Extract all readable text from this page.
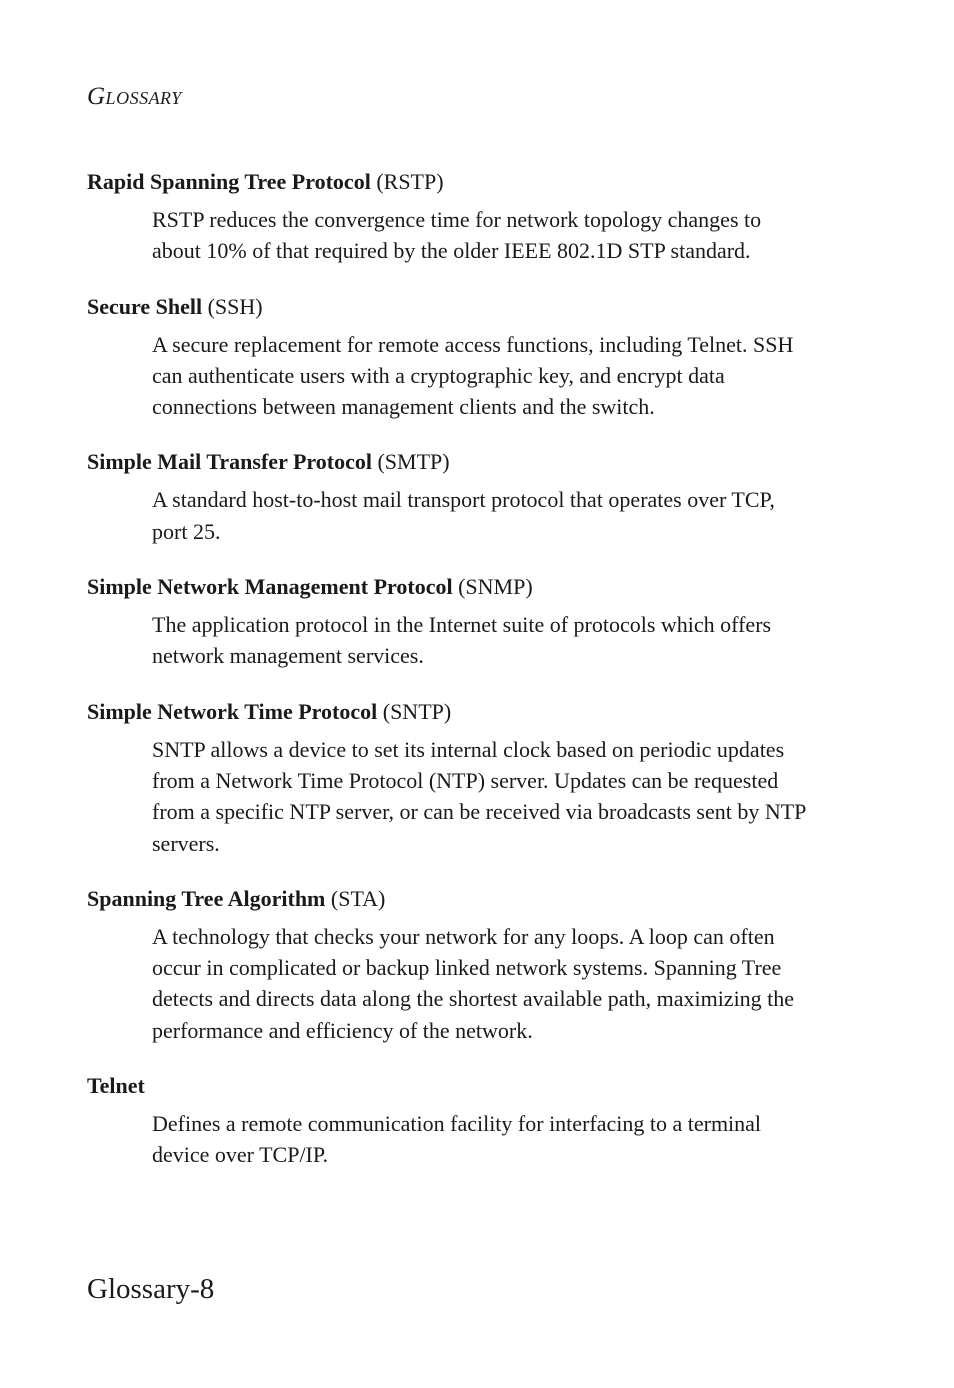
Glossary
Rapid Spanning Tree Protocol (RSTP)
RSTP reduces the convergence time for network topology changes to
about 10% of that required by the older IEEE 802.1D STP standard.
Secure Shell (SSH)
A secure replacement for remote access functions, including Telnet. SSH
can authenticate users with a cryptographic key, and encrypt data
connections between management clients and the switch.
Simple Mail Transfer Protocol (SMTP)
A standard host-to-host mail transport protocol that operates over TCP,
port 25.
Simple Network Management Protocol (SNMP)
The application protocol in the Internet suite of protocols which offers
network management services.
Simple Network Time Protocol (SNTP)
SNTP allows a device to set its internal clock based on periodic updates
from a Network Time Protocol (NTP) server. Updates can be requested
from a specific NTP server, or can be received via broadcasts sent by NTP
servers.
Spanning Tree Algorithm (STA)
A technology that checks your network for any loops. A loop can often
occur in complicated or backup linked network systems. Spanning Tree
detects and directs data along the shortest available path, maximizing the
performance and efficiency of the network.
Telnet
Defines a remote communication facility for interfacing to a terminal
device over TCP/IP.
Glossary-8
